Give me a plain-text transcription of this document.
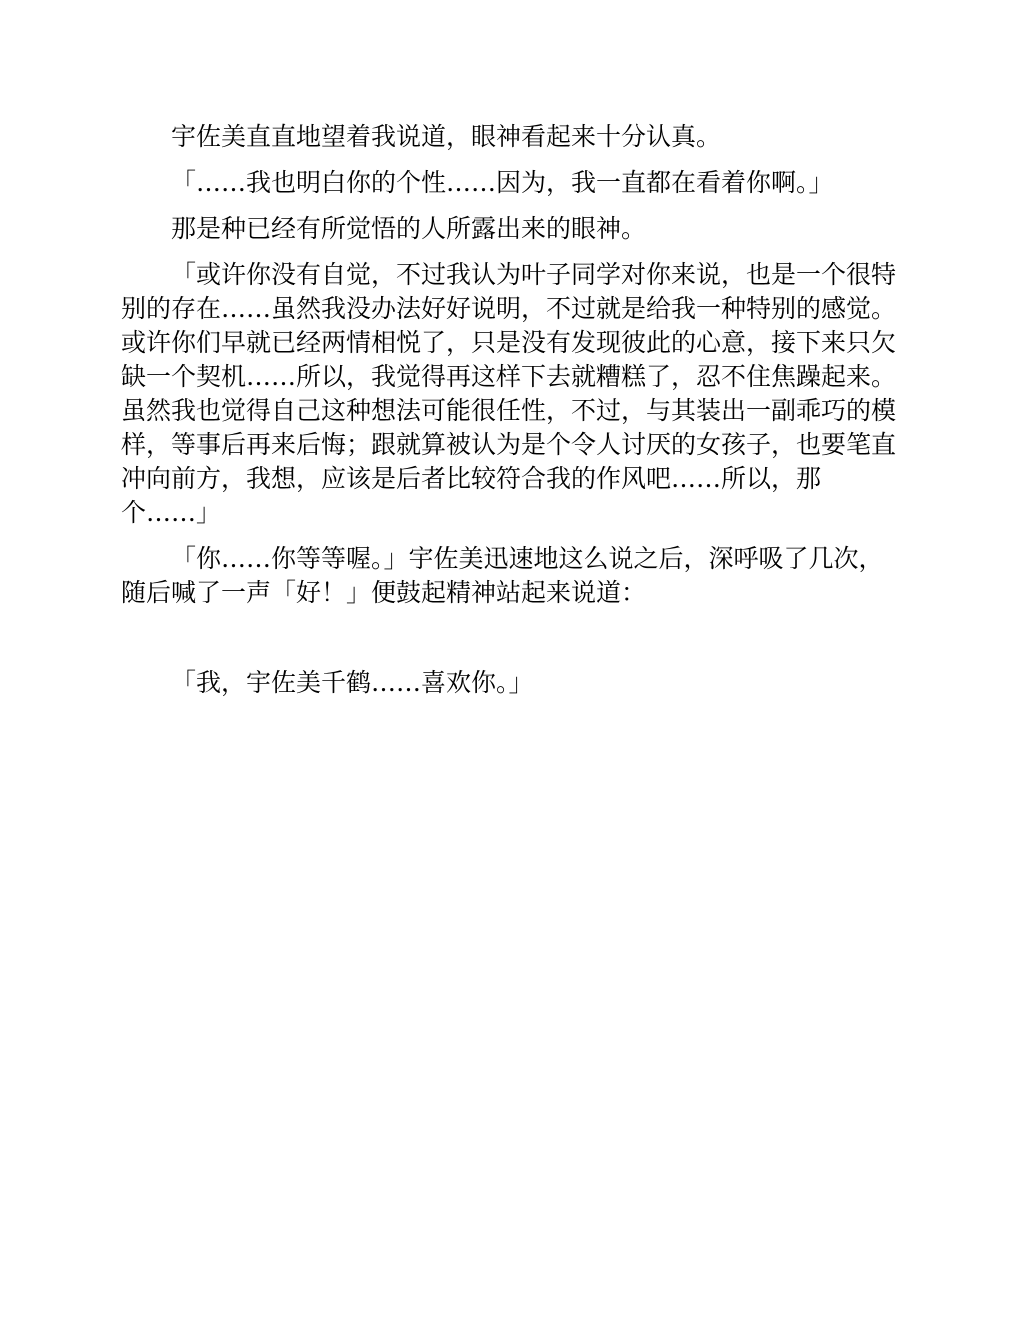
宇佐美直直地望着我说道，眼神看起来十分认真。

「……我也明白你的个性……因为，我一直都在看着你啊。」

那是种已经有所觉悟的人所露出来的眼神。

「或许你没有自觉，不过我认为叶子同学对你来说，也是一个很特别的存在……虽然我没办法好好说明，不过就是给我一种特别的感觉。或许你们早就已经两情相悦了，只是没有发现彼此的心意，接下来只欠缺一个契机……所以，我觉得再这样下去就糟糕了，忍不住焦躁起来。虽然我也觉得自己这种想法可能很任性，不过，与其装出一副乖巧的模样，等事后再来后悔；跟就算被认为是个令人讨厌的女孩子，也要笔直冲向前方，我想，应该是后者比较符合我的作风吧……所以，那个……」

「你……你等等喔。」宇佐美迅速地这么说之后，深呼吸了几次，随后喊了一声「好！」便鼓起精神站起来说道：

「我，宇佐美千鹤……喜欢你。」
